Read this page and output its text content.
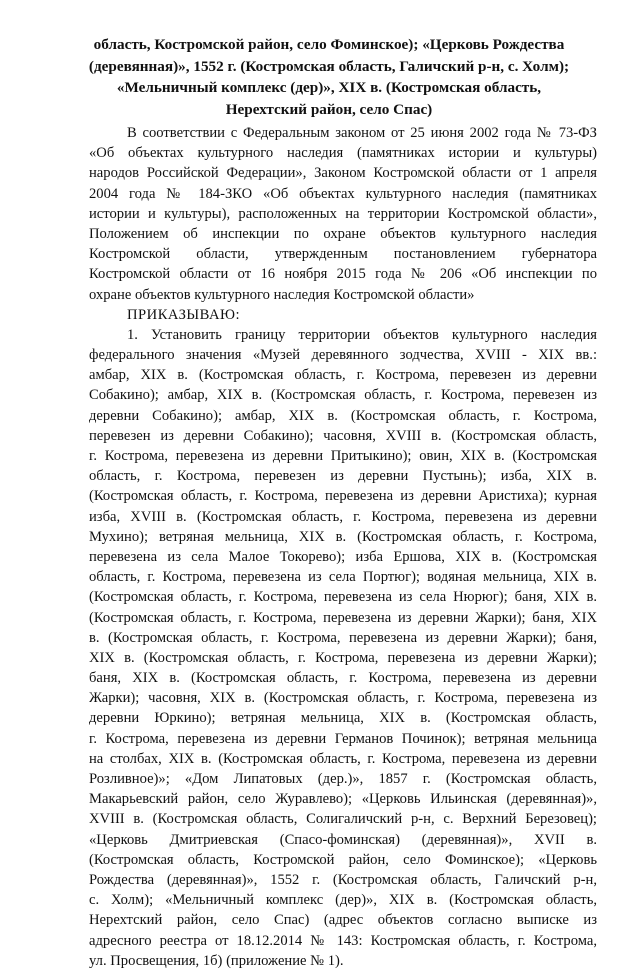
область, Костромской район, село Фоминское); «Церковь Рождества
(деревянная)», 1552 г. (Костромская область, Галичский р-н, с. Холм);
«Мельничный комплекс (дер)», XIX в. (Костромская область,
Нерехтский район, село Спас)
В соответствии с Федеральным законом от 25 июня 2002 года № 73-ФЗ
«Об объектах культурного наследия (памятниках истории и культуры)
народов Российской Федерации», Законом Костромской области от 1 апреля
2004 года № 184-ЗКО «Об объектах культурного наследия (памятниках
истории и культуры), расположенных на территории Костромской области»,
Положением об инспекции по охране объектов культурного наследия
Костромской области, утвержденным постановлением губернатора
Костромской области от 16 ноября 2015 года № 206 «Об инспекции по
охране объектов культурного наследия Костромской области»
ПРИКАЗЫВАЮ:
1. Установить границу территории объектов культурного наследия
федерального значения «Музей деревянного зодчества, XVIII - XIX вв.:
амбар, XIX в. (Костромская область, г. Кострома, перевезен из деревни
Собакино); амбар, XIX в. (Костромская область, г. Кострома, перевезен из
деревни Собакино); амбар, XIX в. (Костромская область, г. Кострома,
перевезен из деревни Собакино); часовня, XVIII в. (Костромская область,
г. Кострома, перевезена из деревни Притыкино); овин, XIX в. (Костромская
область, г. Кострома, перевезен из деревни Пустынь); изба, XIX в.
(Костромская область, г. Кострома, перевезена из деревни Аристиха); курная
изба, XVIII в. (Костромская область, г. Кострома, перевезена из деревни
Мухино); ветряная мельница, XIX в. (Костромская область, г. Кострома,
перевезена из села Малое Токорево); изба Ершова, XIX в. (Костромская
область, г. Кострома, перевезена из села Портюг); водяная мельница, XIX в.
(Костромская область, г. Кострома, перевезена из села Нюрюг); баня, XIX в.
(Костромская область, г. Кострома, перевезена из деревни Жарки); баня, XIX
в. (Костромская область, г. Кострома, перевезена из деревни Жарки); баня,
XIX в. (Костромская область, г. Кострома, перевезена из деревни Жарки);
баня, XIX в. (Костромская область, г. Кострома, перевезена из деревни
Жарки); часовня, XIX в. (Костромская область, г. Кострома, перевезена из
деревни Юркино); ветряная мельница, XIX в. (Костромская область,
г. Кострома, перевезена из деревни Германов Починок); ветряная мельница
на столбах, XIX в. (Костромская область, г. Кострома, перевезена из деревни
Розливное)»; «Дом Липатовых (дер.)», 1857 г. (Костромская область,
Макарьевский район, село Журавлево); «Церковь Ильинская (деревянная)»,
XVIII в. (Костромская область, Солигаличский р-н, с. Верхний Березовец);
«Церковь Дмитриевская (Спасо-фоминская) (деревянная)», XVII в.
(Костромская область, Костромской район, село Фоминское); «Церковь
Рождества (деревянная)», 1552 г. (Костромская область, Галичский р-н,
с. Холм); «Мельничный комплекс (дер)», XIX в. (Костромская область,
Нерехтский район, село Спас) (адрес объектов согласно выписке из
адресного реестра от 18.12.2014 № 143: Костромская область, г. Кострома,
ул. Просвещения, 1б) (приложение № 1).
